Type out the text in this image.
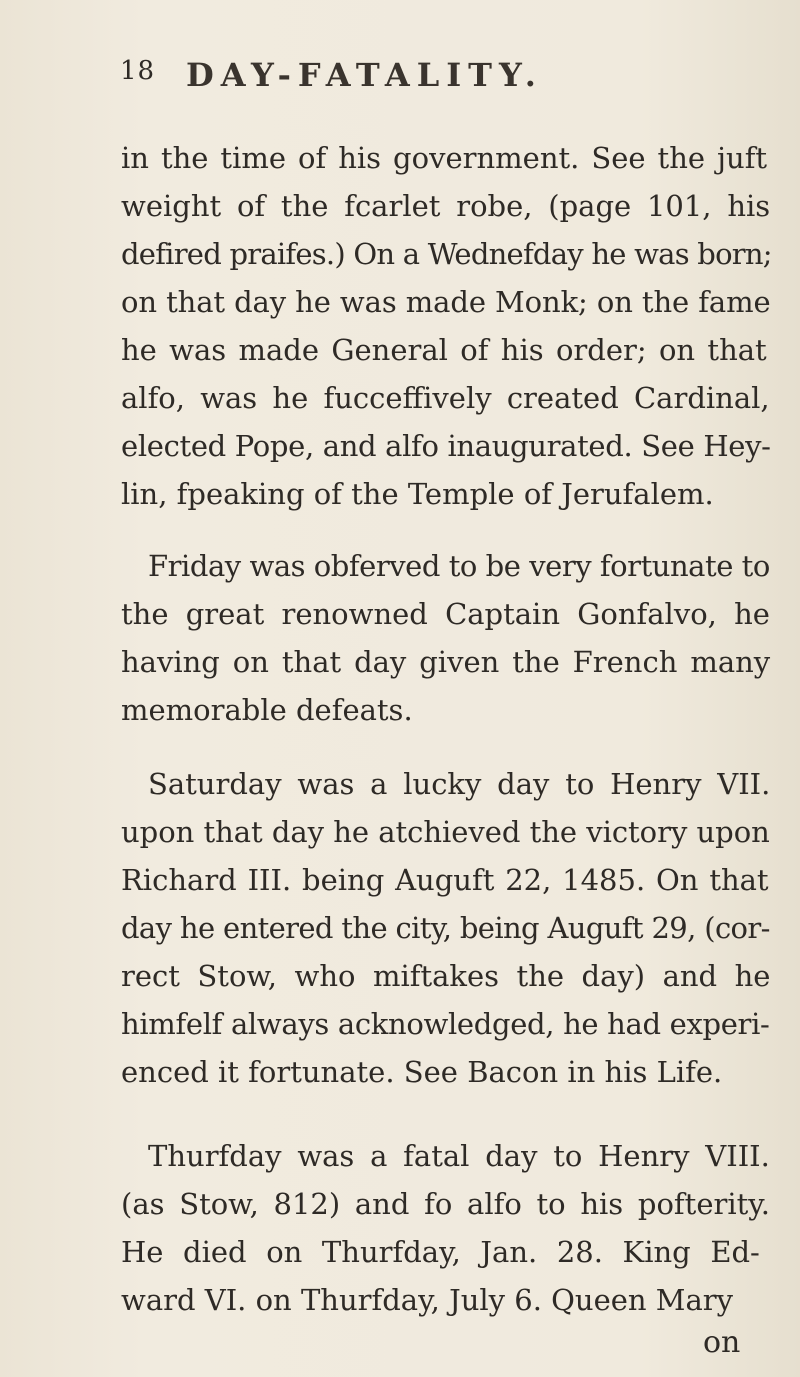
18 DAY-FATALITY.
in the time of his government. See the juft
weight of the fcarlet robe, (page 101, his
defired praifes.) On a Wednefday he was born;
on that day he was made Monk; on the fame
he was made General of his order; on that
alfo, was he fucceffively created Cardinal,
elected Pope, and alfo inaugurated. See Hey-
lin, fpeaking of the Temple of Jerufalem.
Friday was obferved to be very fortunate to
the great renowned Captain Gonfalvo, he
having on that day given the French many
memorable defeats.
Saturday was a lucky day to Henry VII.
upon that day he atchieved the victory upon
Richard III. being Auguft 22, 1485. On that
day he entered the city, being Auguft 29, (cor-
rect Stow, who miftakes the day) and he
himfelf always acknowledged, he had experi-
enced it fortunate. See Bacon in his Life.
Thurfday was a fatal day to Henry VIII.
(as Stow, 812) and fo alfo to his pofterity.
He died on Thurfday, Jan. 28. King Ed-
ward VI. on Thurfday, July 6. Queen Mary
on
